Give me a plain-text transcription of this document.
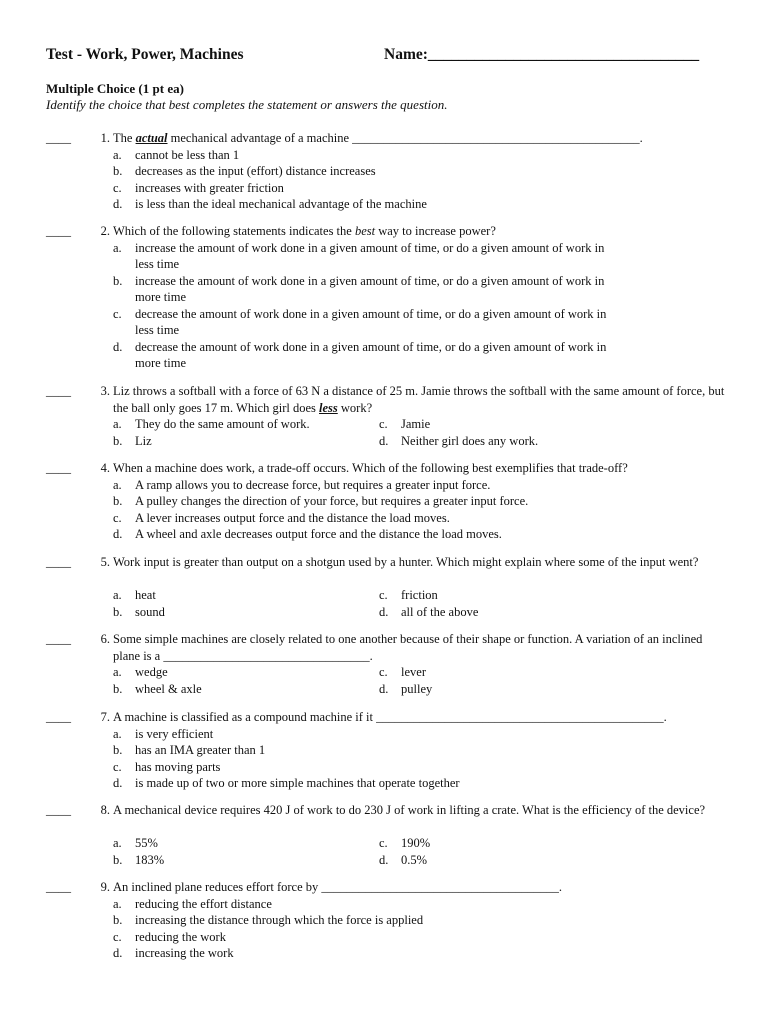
Test - Work, Power, Machines	Name:___________________________________
Multiple Choice (1 pt ea)
Identify the choice that best completes the statement or answers the question.
____	1. The actual mechanical advantage of a machine ______________________________________________.
a. cannot be less than 1
b. decreases as the input (effort) distance increases
c. increases with greater friction
d. is less than the ideal mechanical advantage of the machine
____	2. Which of the following statements indicates the best way to increase power?
a. increase the amount of work done in a given amount of time, or do a given amount of work in less time
b. increase the amount of work done in a given amount of time, or do a given amount of work in more time
c. decrease the amount of work done in a given amount of time, or do a given amount of work in less time
d. decrease the amount of work done in a given amount of time, or do a given amount of work in more time
____	3. Liz throws a softball with a force of 63 N a distance of 25 m. Jamie throws the softball with the same amount of force, but the ball only goes 17 m. Which girl does less work?
a. They do the same amount of work.
b. Liz
c. Jamie
d. Neither girl does any work.
____	4. When a machine does work, a trade-off occurs. Which of the following best exemplifies that trade-off?
a. A ramp allows you to decrease force, but requires a greater input force.
b. A pulley changes the direction of your force, but requires a greater input force.
c. A lever increases output force and the distance the load moves.
d. A wheel and axle decreases output force and the distance the load moves.
____	5. Work input is greater than output on a shotgun used by a hunter. Which might explain where some of the input went?
a. heat
b. sound
c. friction
d. all of the above
____	6. Some simple machines are closely related to one another because of their shape or function. A variation of an inclined plane is a _________________________________.
a. wedge
b. wheel & axle
c. lever
d. pulley
____	7. A machine is classified as a compound machine if it ______________________________________________.
a. is very efficient
b. has an IMA greater than 1
c. has moving parts
d. is made up of two or more simple machines that operate together
____	8. A mechanical device requires 420 J of work to do 230 J of work in lifting a crate. What is the efficiency of the device?
a. 55%
b. 183%
c. 190%
d. 0.5%
____	9. An inclined plane reduces effort force by ______________________________________.
a. reducing the effort distance
b. increasing the distance through which the force is applied
c. reducing the work
d. increasing the work
